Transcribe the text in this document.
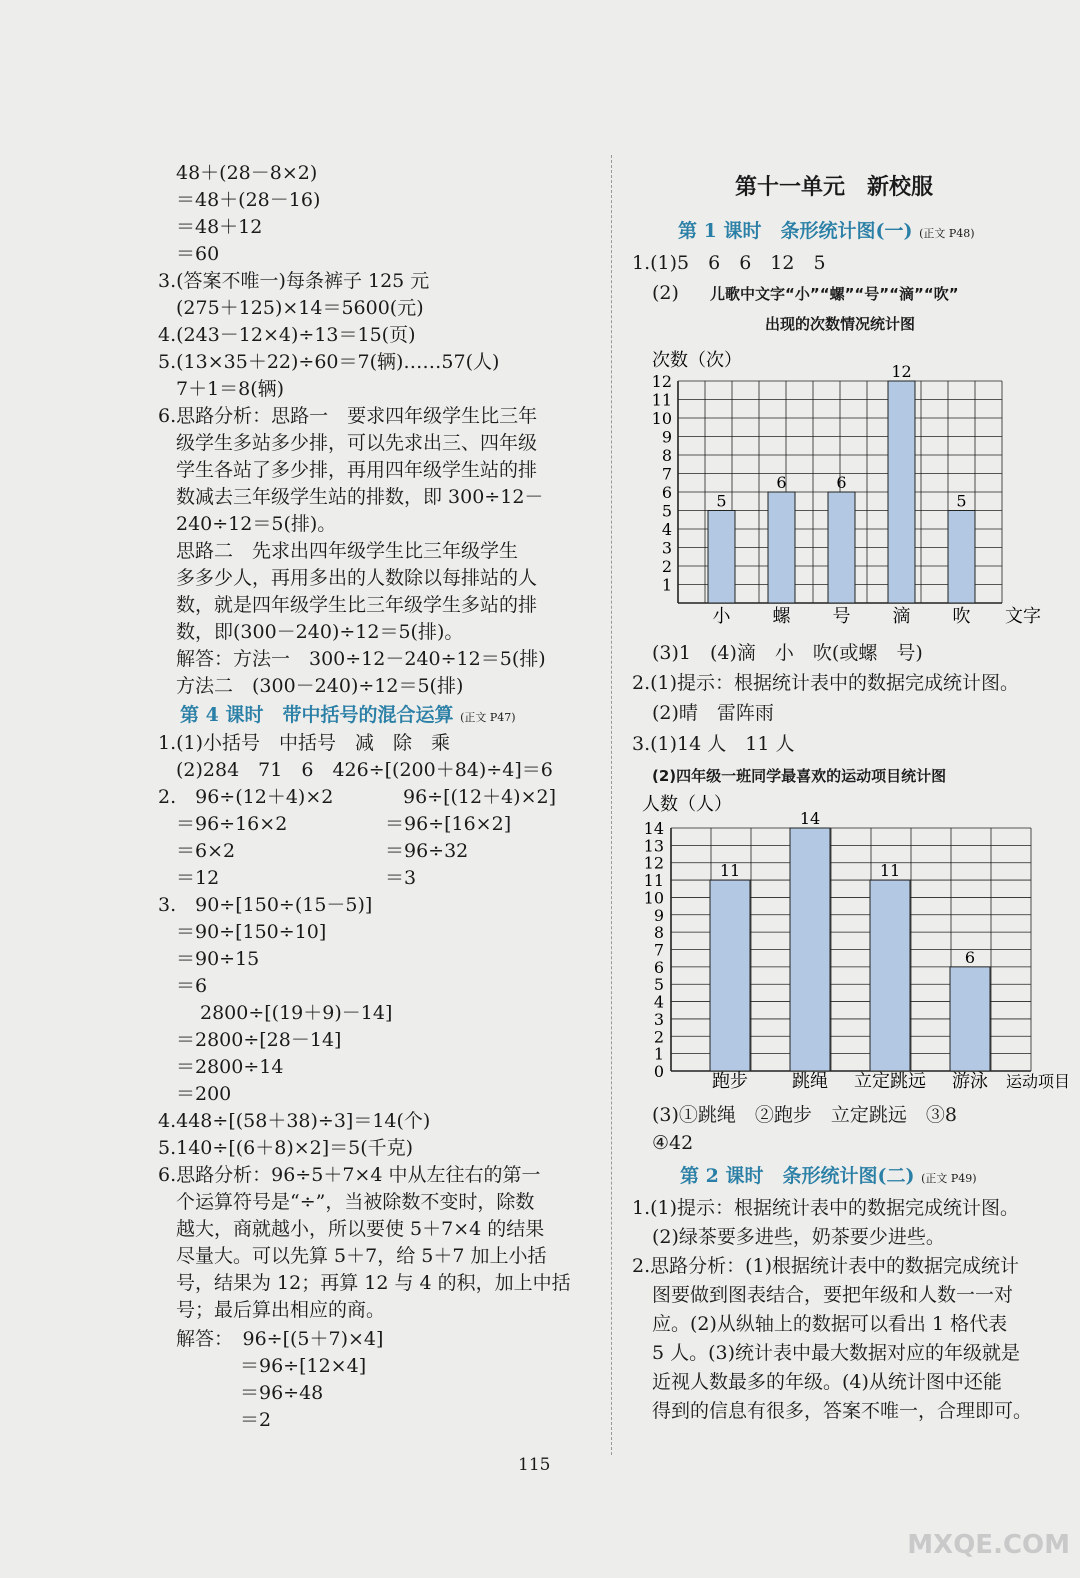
48＋(28－8×2)
＝48＋(28－16)
＝48＋12
＝60
3.(答案不唯一)每条裤子 125 元
(275＋125)×14＝5600(元)
4.(243－12×4)÷13＝15(页)
5.(13×35＋22)÷60＝7(辆)……57(人)
7＋1＝8(辆)
6.思路分析：思路一　要求四年级学生比三年
级学生多站多少排，可以先求出三、四年级
学生各站了多少排，再用四年级学生站的排
数减去三年级学生站的排数，即 300÷12－
240÷12＝5(排)。
思路二　先求出四年级学生比三年级学生
多多少人，再用多出的人数除以每排站的人
数，就是四年级学生比三年级学生多站的排
数，即(300－240)÷12＝5(排)。
解答：方法一　300÷12－240÷12＝5(排)
方法二　(300－240)÷12＝5(排)
第 4 课时　带中括号的混合运算 (正文 P47)
1.(1)小括号　中括号　减　除　乘
(2)284　71　6　426÷[(200＋84)÷4]＝6
2.　96÷(12＋4)×2
＝96÷16×2
＝6×2
＝12
96÷[(12＋4)×2]
＝96÷[16×2]
＝96÷32
＝3
3.　90÷[150÷(15－5)]
＝90÷[150÷10]
＝90÷15
＝6
2800÷[(19＋9)－14]
＝2800÷[28－14]
＝2800÷14
＝200
4.448÷[(58＋38)÷3]＝14(个)
5.140÷[(6＋8)×2]＝5(千克)
6.思路分析：96÷5＋7×4 中从左往右的第一
个运算符号是“÷”，当被除数不变时，除数
越大，商就越小，所以要使 5＋7×4 的结果
尽量大。可以先算 5＋7，给 5＋7 加上小括
号，结果为 12；再算 12 与 4 的积，加上中括
号；最后算出相应的商。
解答：　96÷[(5＋7)×4]
＝96÷[12×4]
＝96÷48
＝2
第十一单元　新校服
第 1 课时　条形统计图(一) (正文 P48)
1.(1)5　6　6　12　5
(2) 儿歌中文字“小”“螺”“号”“滴”“吹”
出现的次数情况统计图
次数（次）
文字
1
2
3
4
5
6
7
8
9
10
11
12
5
小
6
螺
6
号
12
滴
5
吹
(3)1　(4)滴　小　吹(或螺　号)
2.(1)提示：根据统计表中的数据完成统计图。
(2)晴　雷阵雨
3.(1)14 人　11 人
(2)四年级一班同学最喜欢的运动项目统计图
人数（人）
运动项目
0
1
2
3
4
5
6
7
8
9
10
11
12
13
14
11
跑步
14
跳绳
11
立定跳远
6
游泳
(3)①跳绳　②跑步　立定跳远　③8
④42
第 2 课时　条形统计图(二) (正文 P49)
1.(1)提示：根据统计表中的数据完成统计图。
(2)绿茶要多进些，奶茶要少进些。
2.思路分析：(1)根据统计表中的数据完成统计
图要做到图表结合，要把年级和人数一一对
应。(2)从纵轴上的数据可以看出 1 格代表
5 人。(3)统计表中最大数据对应的年级就是
近视人数最多的年级。(4)从统计图中还能
得到的信息有很多，答案不唯一，合理即可。
115
MXQE.COM
